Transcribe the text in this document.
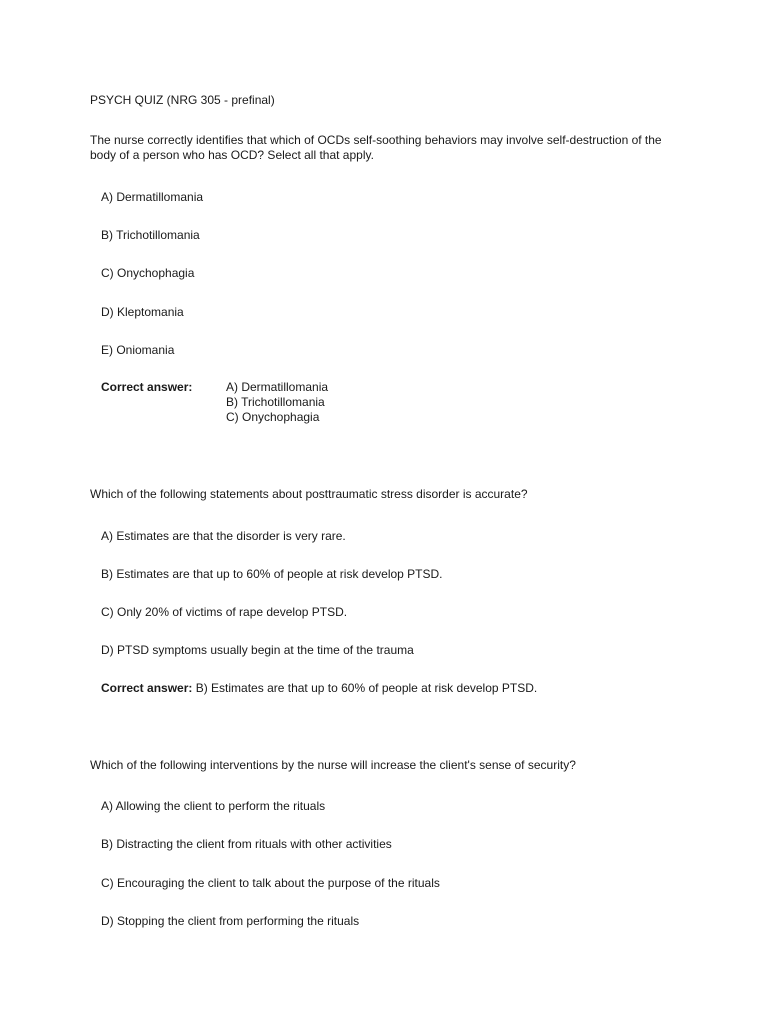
PSYCH QUIZ (NRG 305 - prefinal)
The nurse correctly identifies that which of OCDs self-soothing behaviors may involve self-destruction of the body of a person who has OCD? Select all that apply.
A) Dermatillomania
B) Trichotillomania
C) Onychophagia
D) Kleptomania
E) Oniomania
Correct answer:	A) Dermatillomania
B) Trichotillomania
C) Onychophagia
Which of the following statements about posttraumatic stress disorder is accurate?
A) Estimates are that the disorder is very rare.
B) Estimates are that up to 60% of people at risk develop PTSD.
C) Only 20% of victims of rape develop PTSD.
D) PTSD symptoms usually begin at the time of the trauma
Correct answer: B) Estimates are that up to 60% of people at risk develop PTSD.
Which of the following interventions by the nurse will increase the client's sense of security?
A) Allowing the client to perform the rituals
B) Distracting the client from rituals with other activities
C) Encouraging the client to talk about the purpose of the rituals
D) Stopping the client from performing the rituals
